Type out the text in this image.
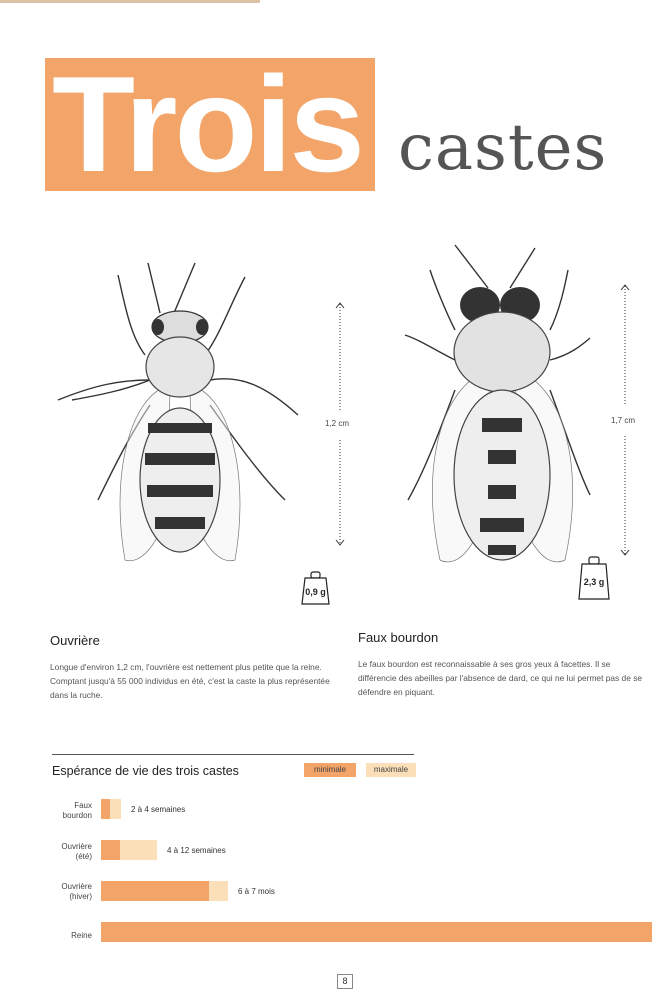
Trois castes
1,2 cm
0,9 g
1,7 cm
2,3 g
Ouvrière
Longue d'environ 1,2 cm, l'ouvrière est nettement plus petite que la reine. Comptant jusqu'à 55 000 individus en été, c'est la caste la plus représentée dans la ruche.
Faux bourdon
Le faux bourdon est reconnaissable à ses gros yeux à facettes. Il se différencie des abeilles par l'absence de dard, ce qui ne lui permet pas de se défendre en piquant.
Espérance de vie des trois castes	minimale	maximale
Faux
bourdon
2 à 4 semaines
Ouvrière
(été)
4 à 12 semaines
Ouvrière
(hiver)
6 à 7 mois
Reine
8
